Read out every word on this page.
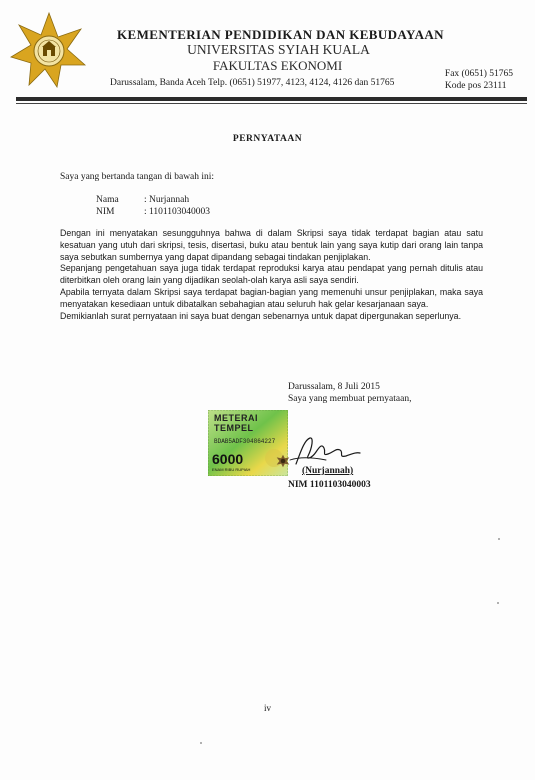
KEMENTERIAN PENDIDIKAN DAN KEBUDAYAAN
UNIVERSITAS SYIAH KUALA
FAKULTAS EKONOMI
Darussalam, Banda Aceh Telp. (0651) 51977, 4123, 4124, 4126 dan 51765
Fax (0651) 51765
Kode pos 23111
PERNYATAAN
Saya yang bertanda tangan di bawah ini:
Nama	: Nurjannah
NIM	: 1101103040003

Dengan ini menyatakan sesungguhnya bahwa di dalam Skripsi saya tidak terdapat bagian atau satu kesatuan yang utuh dari skripsi, tesis, disertasi, buku atau bentuk lain yang saya kutip dari orang lain tanpa saya sebutkan sumbernya yang dapat dipandang sebagai tindakan penjiplakan.

Sepanjang pengetahuan saya juga tidak terdapat reproduksi karya atau pendapat yang pernah ditulis atau diterbitkan oleh orang lain yang dijadikan seolah-olah karya asli saya sendiri.

Apabila ternyata dalam Skripsi saya terdapat bagian-bagian yang memenuhi unsur penjiplakan, maka saya menyatakan kesediaan untuk dibatalkan sebahagian atau seluruh hak gelar kesarjanaan saya.

Demikianlah surat pernyataan ini saya buat dengan sebenarnya untuk dapat dipergunakan seperlunya.

Darussalam, 8 Juli 2015
Saya yang membuat pernyataan,
METERAI
TEMPEL
BDAB5ADF304864227
6000
ENAM RIBU RUPIAH	(Nurjannah)
NIM 1101103040003
iv
